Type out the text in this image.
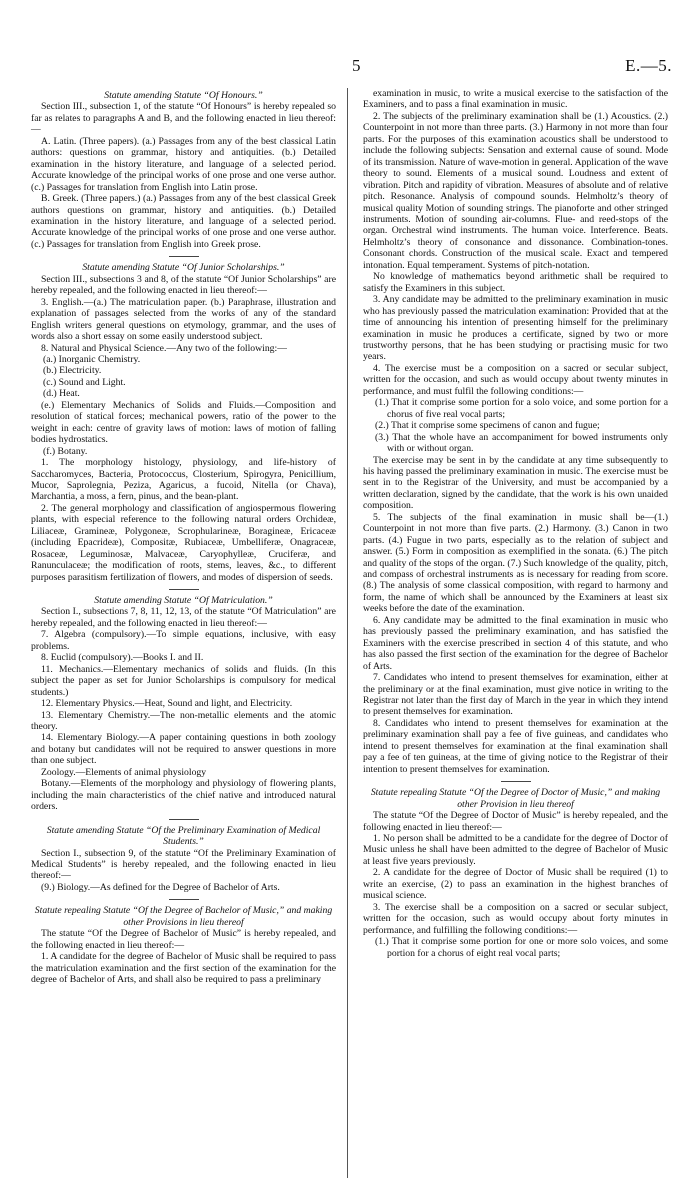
5	E.—5.

Statute amending Statute “Of Honours.”

Section III., subsection 1, of the statute “Of Honours” is hereby repealed so far as relates to paragraphs A and B, and the following enacted in lieu thereof:—

A. Latin. (Three papers). (a.) Passages from any of the best classical Latin authors: questions on grammar, history and antiquities. (b.) Detailed examination in the history literature, and language of a selected period. Accurate knowledge of the principal works of one prose and one verse author. (c.) Passages for translation from English into Latin prose.

B. Greek. (Three papers.) (a.) Passages from any of the best classical Greek authors questions on grammar, history and antiquities. (b.) Detailed examination in the history literature, and language of a selected period. Accurate knowledge of the principal works of one prose and one verse author. (c.) Passages for translation from English into Greek prose.

Statute amending Statute “Of Junior Scholarships.”

Section III., subsections 3 and 8, of the statute “Of Junior Scholarships” are hereby repealed, and the following enacted in lieu thereof:—

3. English.—(a.) The matriculation paper. (b.) Paraphrase, illustration and explanation of passages selected from the works of any of the standard English writers general questions on etymology, grammar, and the uses of words also a short essay on some easily understood subject.

8. Natural and Physical Science.—Any two of the following:—

(a.) Inorganic Chemistry.

(b.) Electricity.

(c.) Sound and Light.

(d.) Heat.

(e.) Elementary Mechanics of Solids and Fluids.—Composition and resolution of statical forces; mechanical powers, ratio of the power to the weight in each: centre of gravity laws of motion: laws of motion of falling bodies hydrostatics.

(f.) Botany.

1. The morphology histology, physiology, and life-history of Saccharomyces, Bacteria, Protococcus, Closterium, Spirogyra, Penicillium, Mucor, Saprolegnia, Peziza, Agaricus, a fucoid, Nitella (or Chava), Marchantia, a moss, a fern, pinus, and the bean-plant.

2. The general morphology and classification of angiospermous flowering plants, with especial reference to the following natural orders Orchideæ, Liliaceæ, Gramineæ, Polygoneæ, Scrophularineæ, Boragineæ, Ericaceæ (including Epacrideæ), Compositæ, Rubiaceæ, Umbelliferæ, Onagraceæ, Rosaceæ, Leguminosæ, Malvaceæ, Caryophylleæ, Cruciferæ, and Ranunculaceæ; the modification of roots, stems, leaves, &c., to different purposes parasitism fertilization of flowers, and modes of dispersion of seeds.

Statute amending Statute “Of Matriculation.”

Section I., subsections 7, 8, 11, 12, 13, of the statute “Of Matriculation” are hereby repealed, and the following enacted in lieu thereof:—

7. Algebra (compulsory).—To simple equations, inclusive, with easy problems.

8. Euclid (compulsory).—Books I. and II.

11. Mechanics.—Elementary mechanics of solids and fluids. (In this subject the paper as set for Junior Scholarships is compulsory for medical students.)

12. Elementary Physics.—Heat, Sound and light, and Electricity.

13. Elementary Chemistry.—The non-metallic elements and the atomic theory.

14. Elementary Biology.—A paper containing questions in both zoology and botany but candidates will not be required to answer questions in more than one subject.

Zoology.—Elements of animal physiology

Botany.—Elements of the morphology and physiology of flowering plants, including the main characteristics of the chief native and introduced natural orders.

Statute amending Statute “Of the Preliminary Examination of Medical Students.”

Section I., subsection 9, of the statute “Of the Preliminary Examination of Medical Students” is hereby repealed, and the following enacted in lieu thereof:—

(9.) Biology.—As defined for the Degree of Bachelor of Arts.

Statute repealing Statute “Of the Degree of Bachelor of Music,” and making other Provisions in lieu thereof

The statute “Of the Degree of Bachelor of Music” is hereby repealed, and the following enacted in lieu thereof:—

1. A candidate for the degree of Bachelor of Music shall be required to pass the matriculation examination and the first section of the examination for the degree of Bachelor of Arts, and shall also be required to pass a preliminary

examination in music, to write a musical exercise to the satisfaction of the Examiners, and to pass a final examination in music.

2. The subjects of the preliminary examination shall be (1.) Acoustics. (2.) Counterpoint in not more than three parts. (3.) Harmony in not more than four parts. For the purposes of this examination acoustics shall be understood to include the following subjects: Sensation and external cause of sound. Mode of its transmission. Nature of wave-motion in general. Application of the wave theory to sound. Elements of a musical sound. Loudness and extent of vibration. Pitch and rapidity of vibration. Measures of absolute and of relative pitch. Resonance. Analysis of compound sounds. Helmholtz’s theory of musical quality Motion of sounding strings. The pianoforte and other stringed instruments. Motion of sounding air-columns. Flue- and reed-stops of the organ. Orchestral wind instruments. The human voice. Interference. Beats. Helmholtz’s theory of consonance and dissonance. Combination-tones. Consonant chords. Construction of the musical scale. Exact and tempered intonation. Equal temperament. Systems of pitch-notation.

No knowledge of mathematics beyond arithmetic shall be required to satisfy the Examiners in this subject.

3. Any candidate may be admitted to the preliminary examination in music who has previously passed the matriculation examination: Provided that at the time of announcing his intention of presenting himself for the preliminary examination in music he produces a certificate, signed by two or more trustworthy persons, that he has been studying or practising music for two years.

4. The exercise must be a composition on a sacred or secular subject, written for the occasion, and such as would occupy about twenty minutes in performance, and must fulfil the following conditions:—

(1.) That it comprise some portion for a solo voice, and some portion for a chorus of five real vocal parts;

(2.) That it comprise some specimens of canon and fugue;

(3.) That the whole have an accompaniment for bowed instruments only with or without organ.

The exercise may be sent in by the candidate at any time subsequently to his having passed the preliminary examination in music. The exercise must be sent in to the Registrar of the University, and must be accompanied by a written declaration, signed by the candidate, that the work is his own unaided composition.

5. The subjects of the final examination in music shall be—(1.) Counterpoint in not more than five parts. (2.) Harmony. (3.) Canon in two parts. (4.) Fugue in two parts, especially as to the relation of subject and answer. (5.) Form in composition as exemplified in the sonata. (6.) The pitch and quality of the stops of the organ. (7.) Such knowledge of the quality, pitch, and compass of orchestral instruments as is necessary for reading from score. (8.) The analysis of some classical composition, with regard to harmony and form, the name of which shall be announced by the Examiners at least six weeks before the date of the examination.

6. Any candidate may be admitted to the final examination in music who has previously passed the preliminary examination, and has satisfied the Examiners with the exercise prescribed in section 4 of this statute, and who has also passed the first section of the examination for the degree of Bachelor of Arts.

7. Candidates who intend to present themselves for examination, either at the preliminary or at the final examination, must give notice in writing to the Registrar not later than the first day of March in the year in which they intend to present themselves for examination.

8. Candidates who intend to present themselves for examination at the preliminary examination shall pay a fee of five guineas, and candidates who intend to present themselves for examination at the final examination shall pay a fee of ten guineas, at the time of giving notice to the Registrar of their intention to present themselves for examination.

Statute repealing Statute “Of the Degree of Doctor of Music,” and making other Provision in lieu thereof

The statute “Of the Degree of Doctor of Music” is hereby repealed, and the following enacted in lieu thereof:—

1. No person shall be admitted to be a candidate for the degree of Doctor of Music unless he shall have been admitted to the degree of Bachelor of Music at least five years previously.

2. A candidate for the degree of Doctor of Music shall be required (1) to write an exercise, (2) to pass an examination in the highest branches of musical science.

3. The exercise shall be a composition on a sacred or secular subject, written for the occasion, such as would occupy about forty minutes in performance, and fulfilling the following conditions:—

(1.) That it comprise some portion for one or more solo voices, and some portion for a chorus of eight real vocal parts;
